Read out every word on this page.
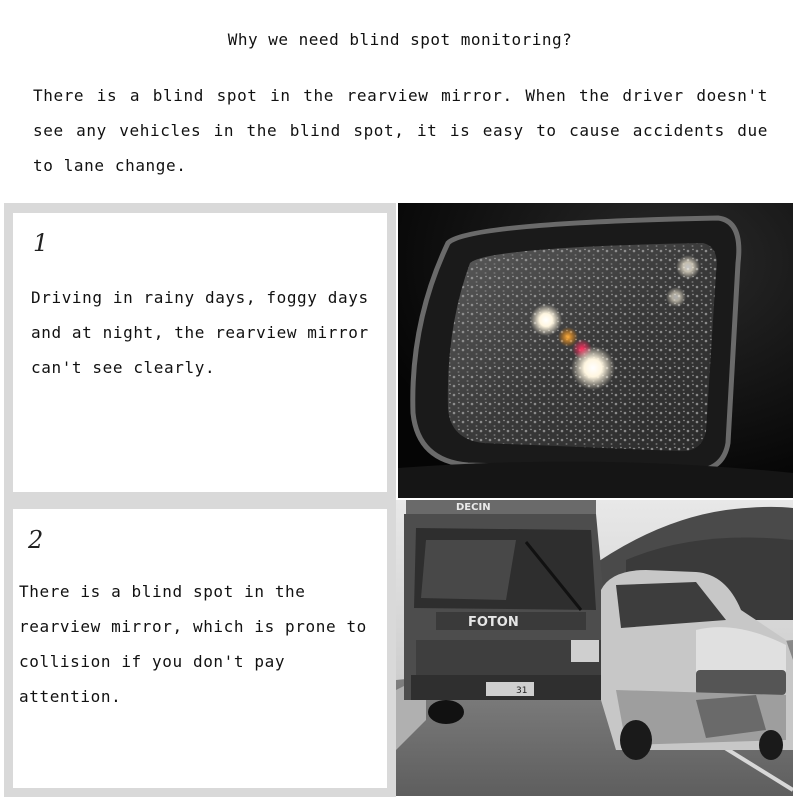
Why we need blind spot monitoring?
There is a blind spot in the rearview mirror. When the driver doesn't see any vehicles in the blind spot, it is easy to cause accidents due to lane change.
1
Driving in rainy days, foggy days and at night, the rearview mirror can't see clearly.
2
There is a blind spot in the rearview mirror, which is prone to collision if you don't pay attention.
DECIN
FOTON
31
